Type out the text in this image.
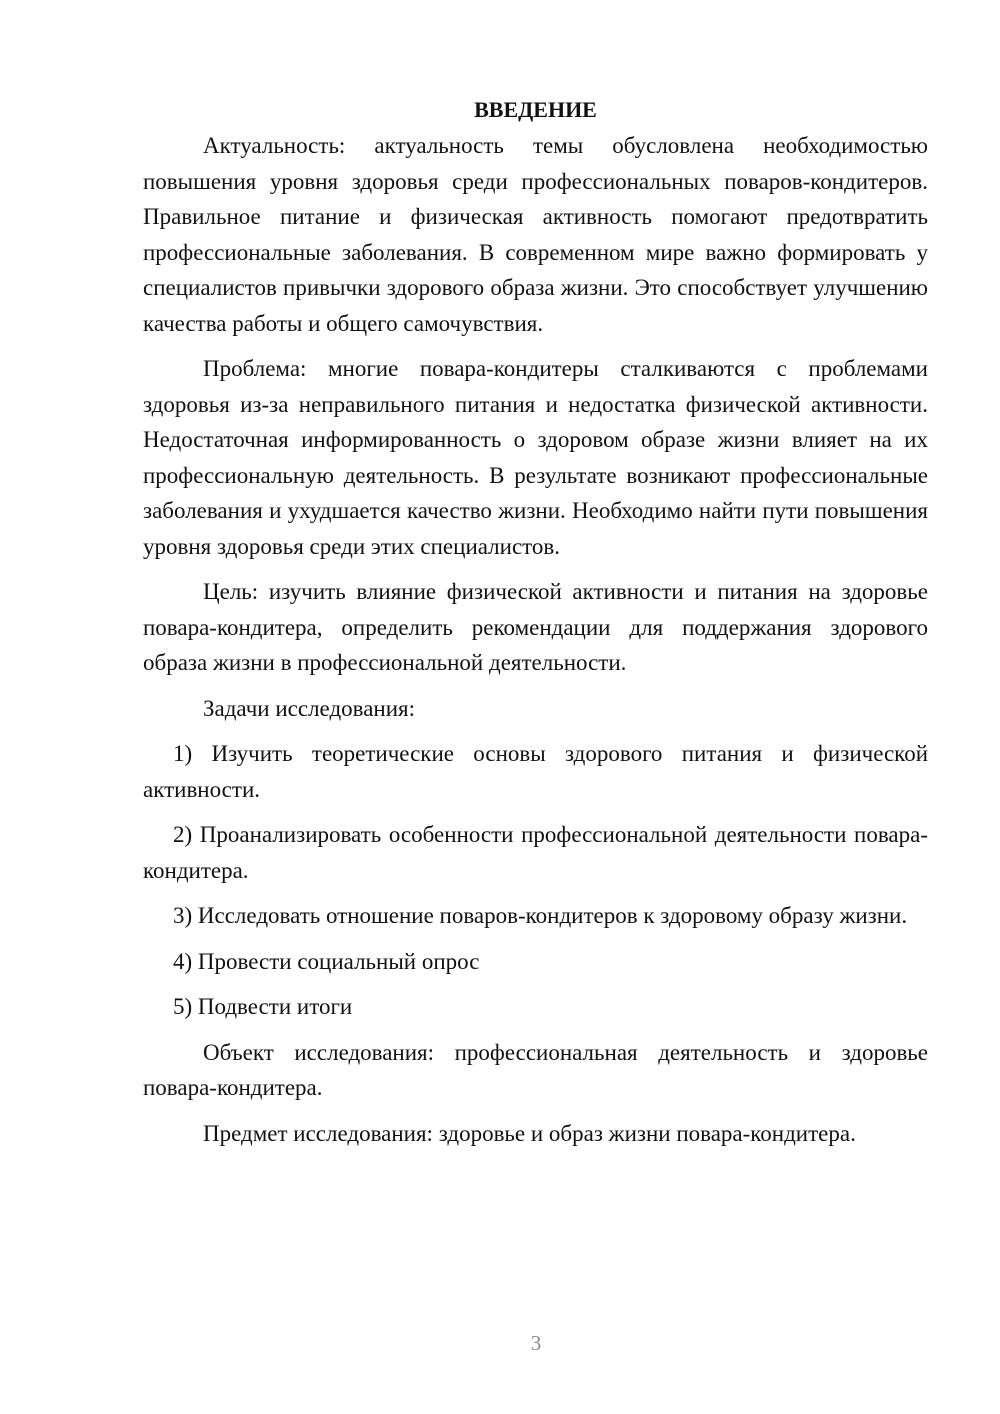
ВВЕДЕНИЕ

Актуальность: актуальность темы обусловлена необходимостью повышения уровня здоровья среди профессиональных поваров-кондитеров. Правильное питание и физическая активность помогают предотвратить профессиональные заболевания. В современном мире важно формировать у специалистов привычки здорового образа жизни. Это способствует улучшению качества работы и общего самочувствия.

Проблема: многие повара-кондитеры сталкиваются с проблемами здоровья из-за неправильного питания и недостатка физической активности. Недостаточная информированность о здоровом образе жизни влияет на их профессиональную деятельность. В результате возникают профессиональные заболевания и ухудшается качество жизни. Необходимо найти пути повышения уровня здоровья среди этих специалистов.

Цель: изучить влияние физической активности и питания на здоровье повара-кондитера, определить рекомендации для поддержания здорового образа жизни в профессиональной деятельности.

Задачи исследования:

1) Изучить теоретические основы здорового питания и физической активности.

2) Проанализировать особенности профессиональной деятельности повара-кондитера.

3) Исследовать отношение поваров-кондитеров к здоровому образу жизни.

4) Провести социальный опрос

5) Подвести итоги

Объект исследования: профессиональная деятельность и здоровье повара-кондитера.

Предмет исследования: здоровье и образ жизни повара-кондитера.

3
